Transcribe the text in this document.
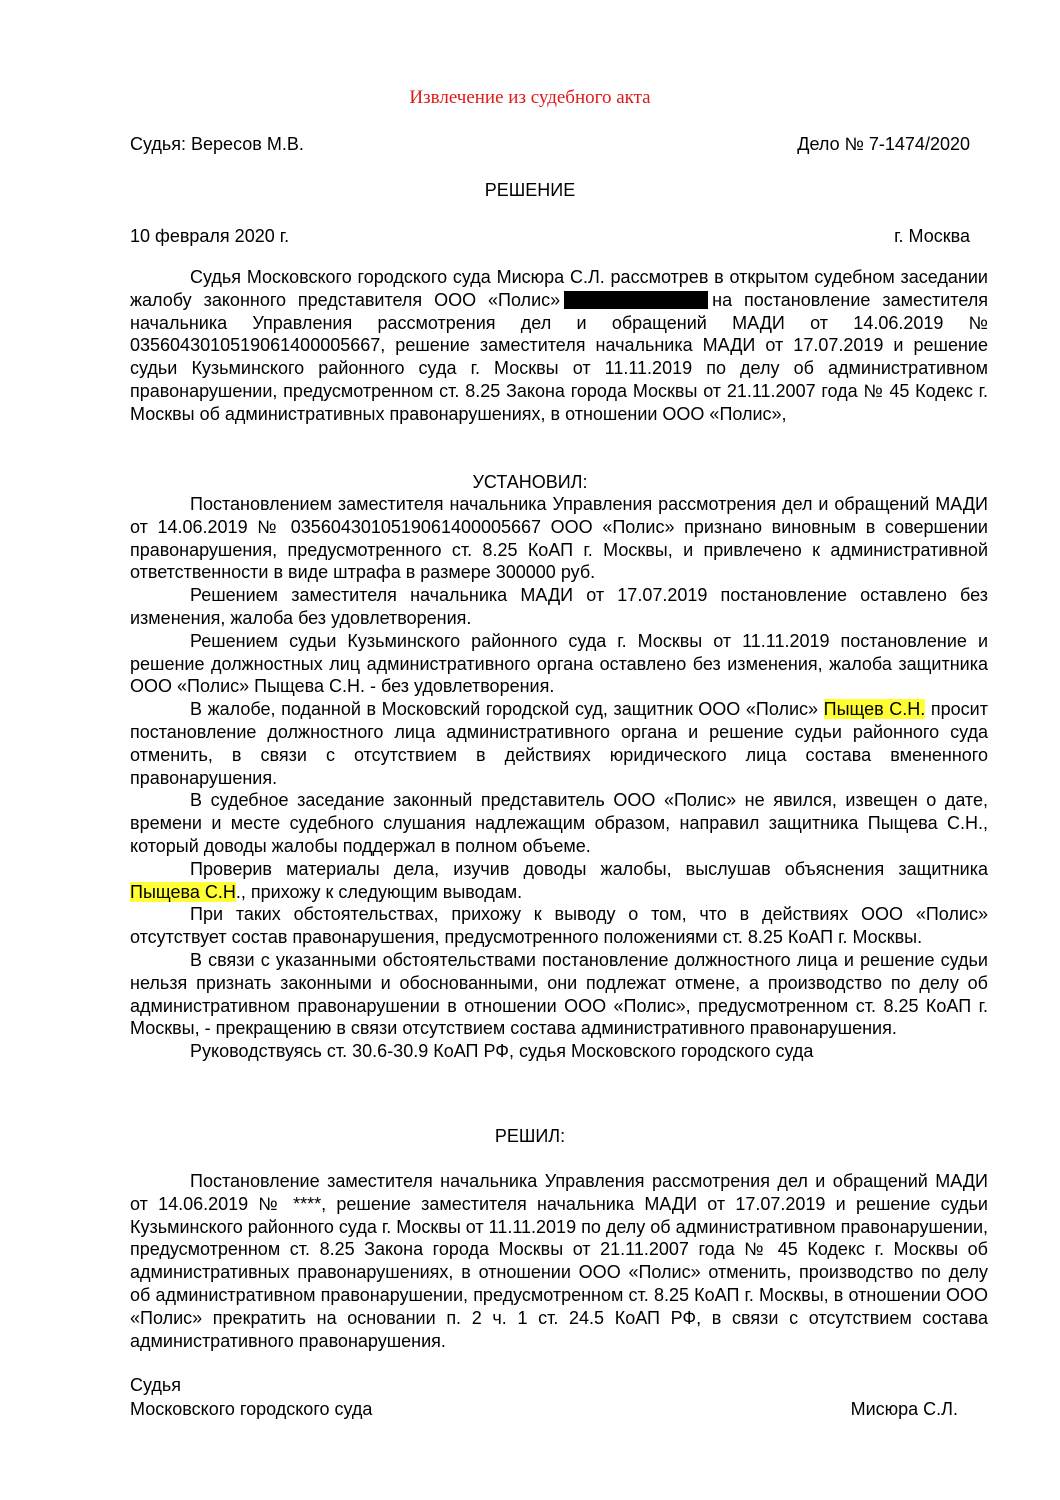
Извлечение из судебного акта
Судья: Вересов М.В.	Дело № 7-1474/2020
РЕШЕНИЕ
10 февраля 2020 г.	г. Москва

Судья Московского городского суда Мисюра С.Л. рассмотрев в открытом судебном заседании жалобу законного представителя ООО «Полис»	на постановление заместителя начальника Управления рассмотрения дел и обращений МАДИ от 14.06.2019 № 0356043010519061400005667, решение заместителя начальника МАДИ от 17.07.2019 и решение судьи Кузьминского районного суда г. Москвы от 11.11.2019 по делу об административном правонарушении, предусмотренном ст. 8.25 Закона города Москвы от 21.11.2007 года № 45 Кодекс г. Москвы об административных правонарушениях, в отношении ООО «Полис»,

УСТАНОВИЛ:

Постановлением заместителя начальника Управления рассмотрения дел и обращений МАДИ от 14.06.2019 № 0356043010519061400005667 ООО «Полис» признано виновным в совершении правонарушения, предусмотренного ст. 8.25 КоАП г. Москвы, и привлечено к административной ответственности в виде штрафа в размере 300000 руб.

Решением заместителя начальника МАДИ от 17.07.2019 постановление оставлено без изменения, жалоба без удовлетворения.

Решением судьи Кузьминского районного суда г. Москвы от 11.11.2019 постановление и решение должностных лиц административного органа оставлено без изменения, жалоба защитника ООО «Полис» Пыщева С.Н. - без удовлетворения.

В жалобе, поданной в Московский городской суд, защитник ООО «Полис» Пыщев С.Н. просит постановление должностного лица административного органа и решение судьи районного суда отменить, в связи с отсутствием в действиях юридического лица состава вмененного правонарушения.

В судебное заседание законный представитель ООО «Полис» не явился, извещен о дате, времени и месте судебного слушания надлежащим образом, направил защитника Пыщева С.Н., который доводы жалобы поддержал в полном объеме.

Проверив материалы дела, изучив доводы жалобы, выслушав объяснения защитника Пыщева С.Н., прихожу к следующим выводам.

При таких обстоятельствах, прихожу к выводу о том, что в действиях ООО «Полис» отсутствует состав правонарушения, предусмотренного положениями ст. 8.25 КоАП г. Москвы.

В связи с указанными обстоятельствами постановление должностного лица и решение судьи нельзя признать законными и обоснованными, они подлежат отмене, а производство по делу об административном правонарушении в отношении ООО «Полис», предусмотренном ст. 8.25 КоАП г. Москвы, - прекращению в связи отсутствием состава административного правонарушения.

Руководствуясь ст. 30.6-30.9 КоАП РФ, судья Московского городского суда

РЕШИЛ:

Постановление заместителя начальника Управления рассмотрения дел и обращений МАДИ от 14.06.2019 № ****, решение заместителя начальника МАДИ от 17.07.2019 и решение судьи Кузьминского районного суда г. Москвы от 11.11.2019 по делу об административном правонарушении, предусмотренном ст. 8.25 Закона города Москвы от 21.11.2007 года № 45 Кодекс г. Москвы об административных правонарушениях, в отношении ООО «Полис» отменить, производство по делу об административном правонарушении, предусмотренном ст. 8.25 КоАП г. Москвы, в отношении ООО «Полис» прекратить на основании п. 2 ч. 1 ст. 24.5 КоАП РФ, в связи с отсутствием состава административного правонарушения.

Судья
Московского городского суда	Мисюра С.Л.
